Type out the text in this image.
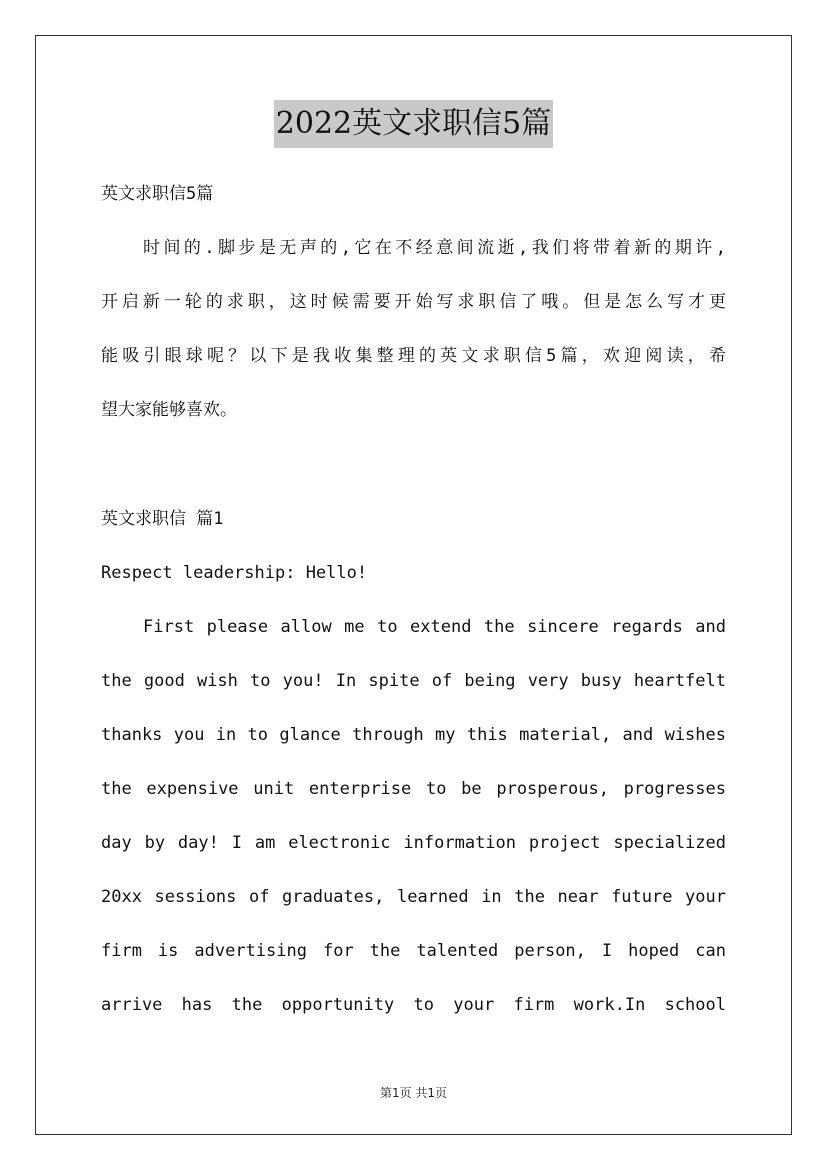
2022英文求职信5篇
英文求职信5篇
时间的.脚步是无声的,它在不经意间流逝,我们将带着新的期许,
开启新一轮的求职，这时候需要开始写求职信了哦。但是怎么写才更
能吸引眼球呢？以下是我收集整理的英文求职信5篇，欢迎阅读，希
望大家能够喜欢。
英文求职信 篇1
Respect leadership: Hello!
First please allow me to extend the sincere regards and
the good wish to you! In spite of being very busy heartfelt
thanks you in to glance through my this material, and wishes
the expensive unit enterprise to be prosperous, progresses
day by day! I am electronic information project specialized
20xx sessions of graduates, learned in the near future your
firm is advertising for the talented person, I hoped can
arrive has the opportunity to your firm work.In school
第1页 共1页
